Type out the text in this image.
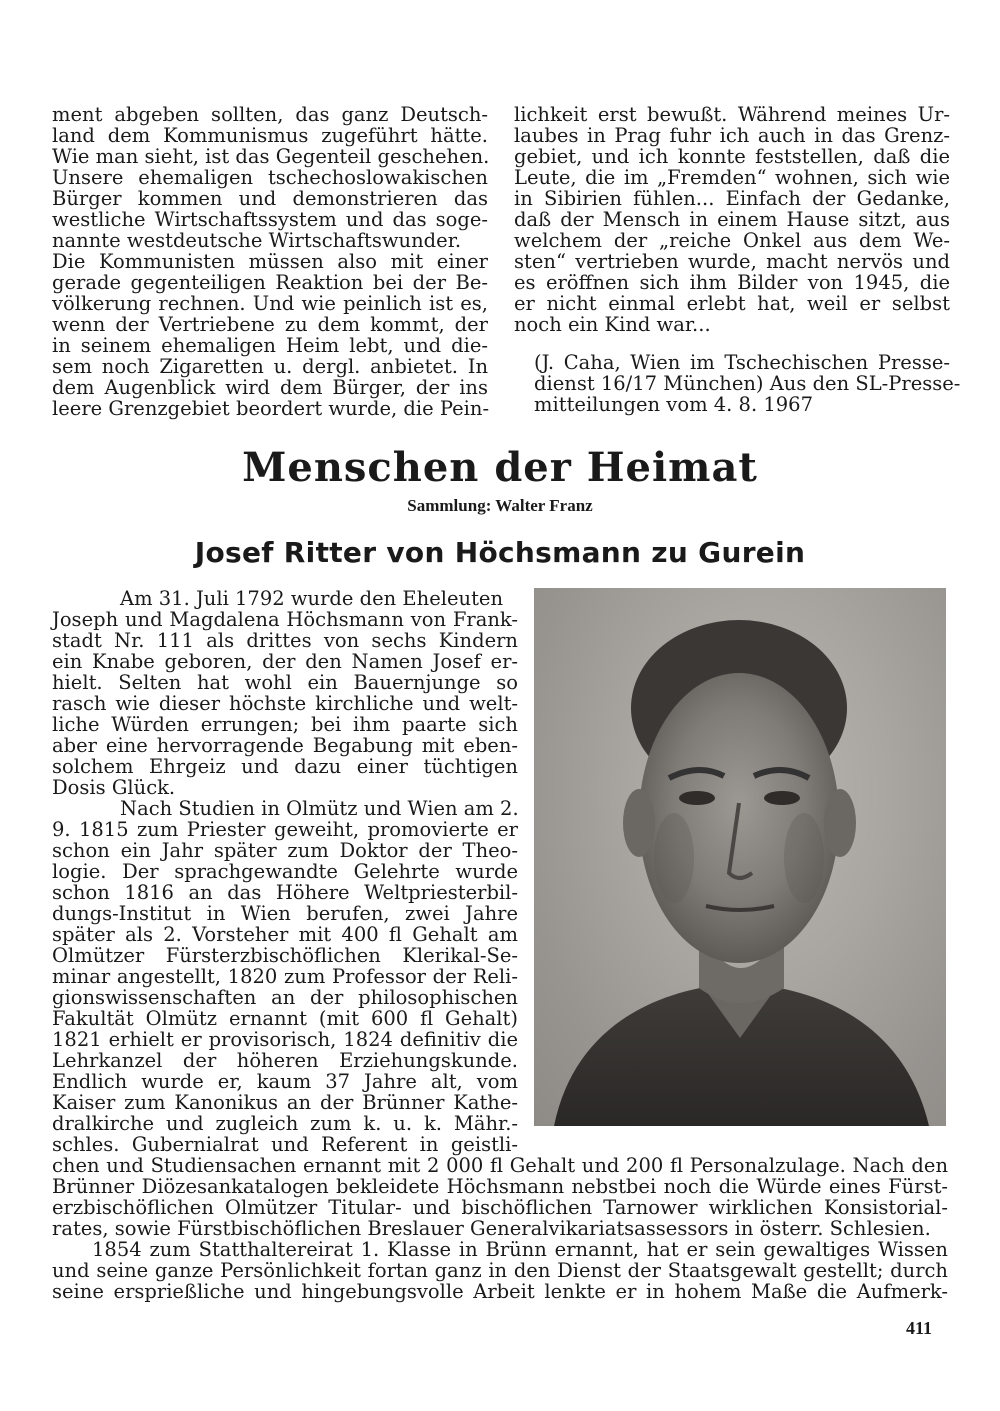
ment abgeben sollten, das ganz Deutsch-
land dem Kommunismus zugeführt hätte.
Wie man sieht, ist das Gegenteil geschehen.
Unsere ehemaligen tschechoslowakischen
Bürger kommen und demonstrieren das
westliche Wirtschaftssystem und das soge-
nannte westdeutsche Wirtschaftswunder.
Die Kommunisten müssen also mit einer
gerade gegenteiligen Reaktion bei der Be-
völkerung rechnen. Und wie peinlich ist es,
wenn der Vertriebene zu dem kommt, der
in seinem ehemaligen Heim lebt, und die-
sem noch Zigaretten u. dergl. anbietet. In
dem Augenblick wird dem Bürger, der ins
leere Grenzgebiet beordert wurde, die Pein-
lichkeit erst bewußt. Während meines Ur-
laubes in Prag fuhr ich auch in das Grenz-
gebiet, und ich konnte feststellen, daß die
Leute, die im „Fremden“ wohnen, sich wie
in Sibirien fühlen... Einfach der Gedanke,
daß der Mensch in einem Hause sitzt, aus
welchem der „reiche Onkel aus dem We-
sten“ vertrieben wurde, macht nervös und
es eröffnen sich ihm Bilder von 1945, die
er nicht einmal erlebt hat, weil er selbst
noch ein Kind war...
(J. Caha, Wien im Tschechischen Presse-
dienst 16/17 München) Aus den SL-Presse-
mitteilungen vom 4. 8. 1967
Menschen der Heimat
Sammlung: Walter Franz
Josef Ritter von Höchsmann zu Gurein
Am 31. Juli 1792 wurde den Eheleuten
Joseph und Magdalena Höchsmann von Frank-
stadt Nr. 111 als drittes von sechs Kindern
ein Knabe geboren, der den Namen Josef er-
hielt. Selten hat wohl ein Bauernjunge so
rasch wie dieser höchste kirchliche und welt-
liche Würden errungen; bei ihm paarte sich
aber eine hervorragende Begabung mit eben-
solchem Ehrgeiz und dazu einer tüchtigen
Dosis Glück.
Nach Studien in Olmütz und Wien am 2.
9. 1815 zum Priester geweiht, promovierte er
schon ein Jahr später zum Doktor der Theo-
logie. Der sprachgewandte Gelehrte wurde
schon 1816 an das Höhere Weltpriesterbil-
dungs-Institut in Wien berufen, zwei Jahre
später als 2. Vorsteher mit 400 fl Gehalt am
Olmützer Fürsterzbischöflichen Klerikal-Se-
minar angestellt, 1820 zum Professor der Reli-
gionswissenschaften an der philosophischen
Fakultät Olmütz ernannt (mit 600 fl Gehalt)
1821 erhielt er provisorisch, 1824 definitiv die
Lehrkanzel der höheren Erziehungskunde.
Endlich wurde er, kaum 37 Jahre alt, vom
Kaiser zum Kanonikus an der Brünner Kathe-
dralkirche und zugleich zum k. u. k. Mähr.-
schles. Gubernialrat und Referent in geistli-
chen und Studiensachen ernannt mit 2 000 fl Gehalt und 200 fl Personalzulage. Nach den
Brünner Diözesankatalogen bekleidete Höchsmann nebstbei noch die Würde eines Fürst-
erzbischöflichen Olmützer Titular- und bischöflichen Tarnower wirklichen Konsistorial-
rates, sowie Fürstbischöflichen Breslauer Generalvikariatsassessors in österr. Schlesien.
1854 zum Statthaltereirat 1. Klasse in Brünn ernannt, hat er sein gewaltiges Wissen
und seine ganze Persönlichkeit fortan ganz in den Dienst der Staatsgewalt gestellt; durch
seine ersprießliche und hingebungsvolle Arbeit lenkte er in hohem Maße die Aufmerk-
411
